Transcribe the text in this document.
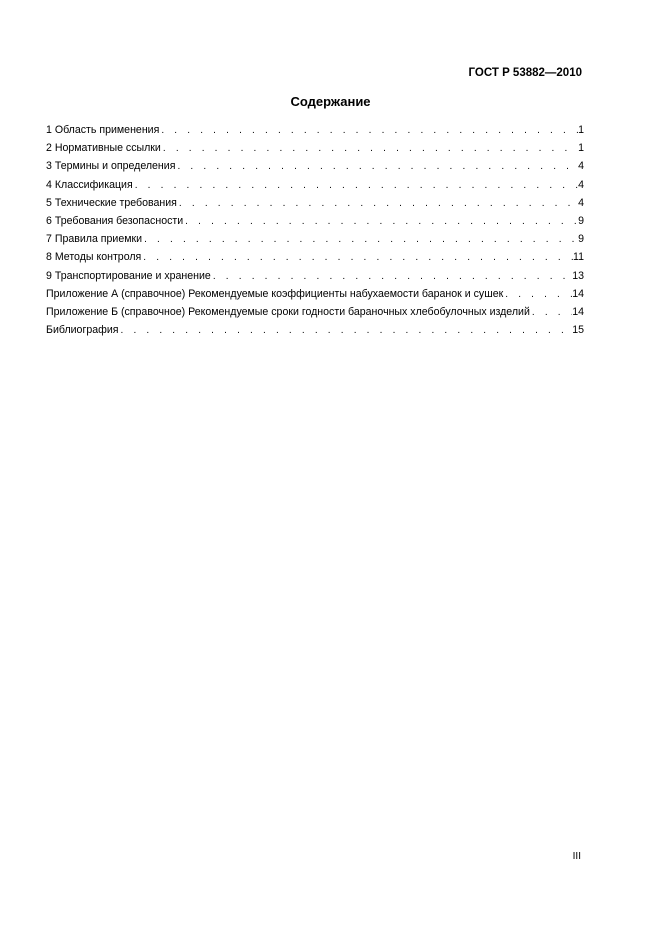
ГОСТ Р 53882—2010
Содержание
1 Область применения . . .	1
2 Нормативные ссылки . . .	1
3 Термины и определения . . .	4
4 Классификация . . .	4
5 Технические требования . . .	4
6 Требования безопасности . . .	9
7 Правила приемки . . .	9
8 Методы контроля . . .	11
9 Транспортирование и хранение . . .	13
Приложение А (справочное) Рекомендуемые коэффициенты набухаемости баранок и сушек . . .	14
Приложение Б (справочное) Рекомендуемые сроки годности бараночных хлебобулочных изделий . . .	14
Библиография . . .	15
III
